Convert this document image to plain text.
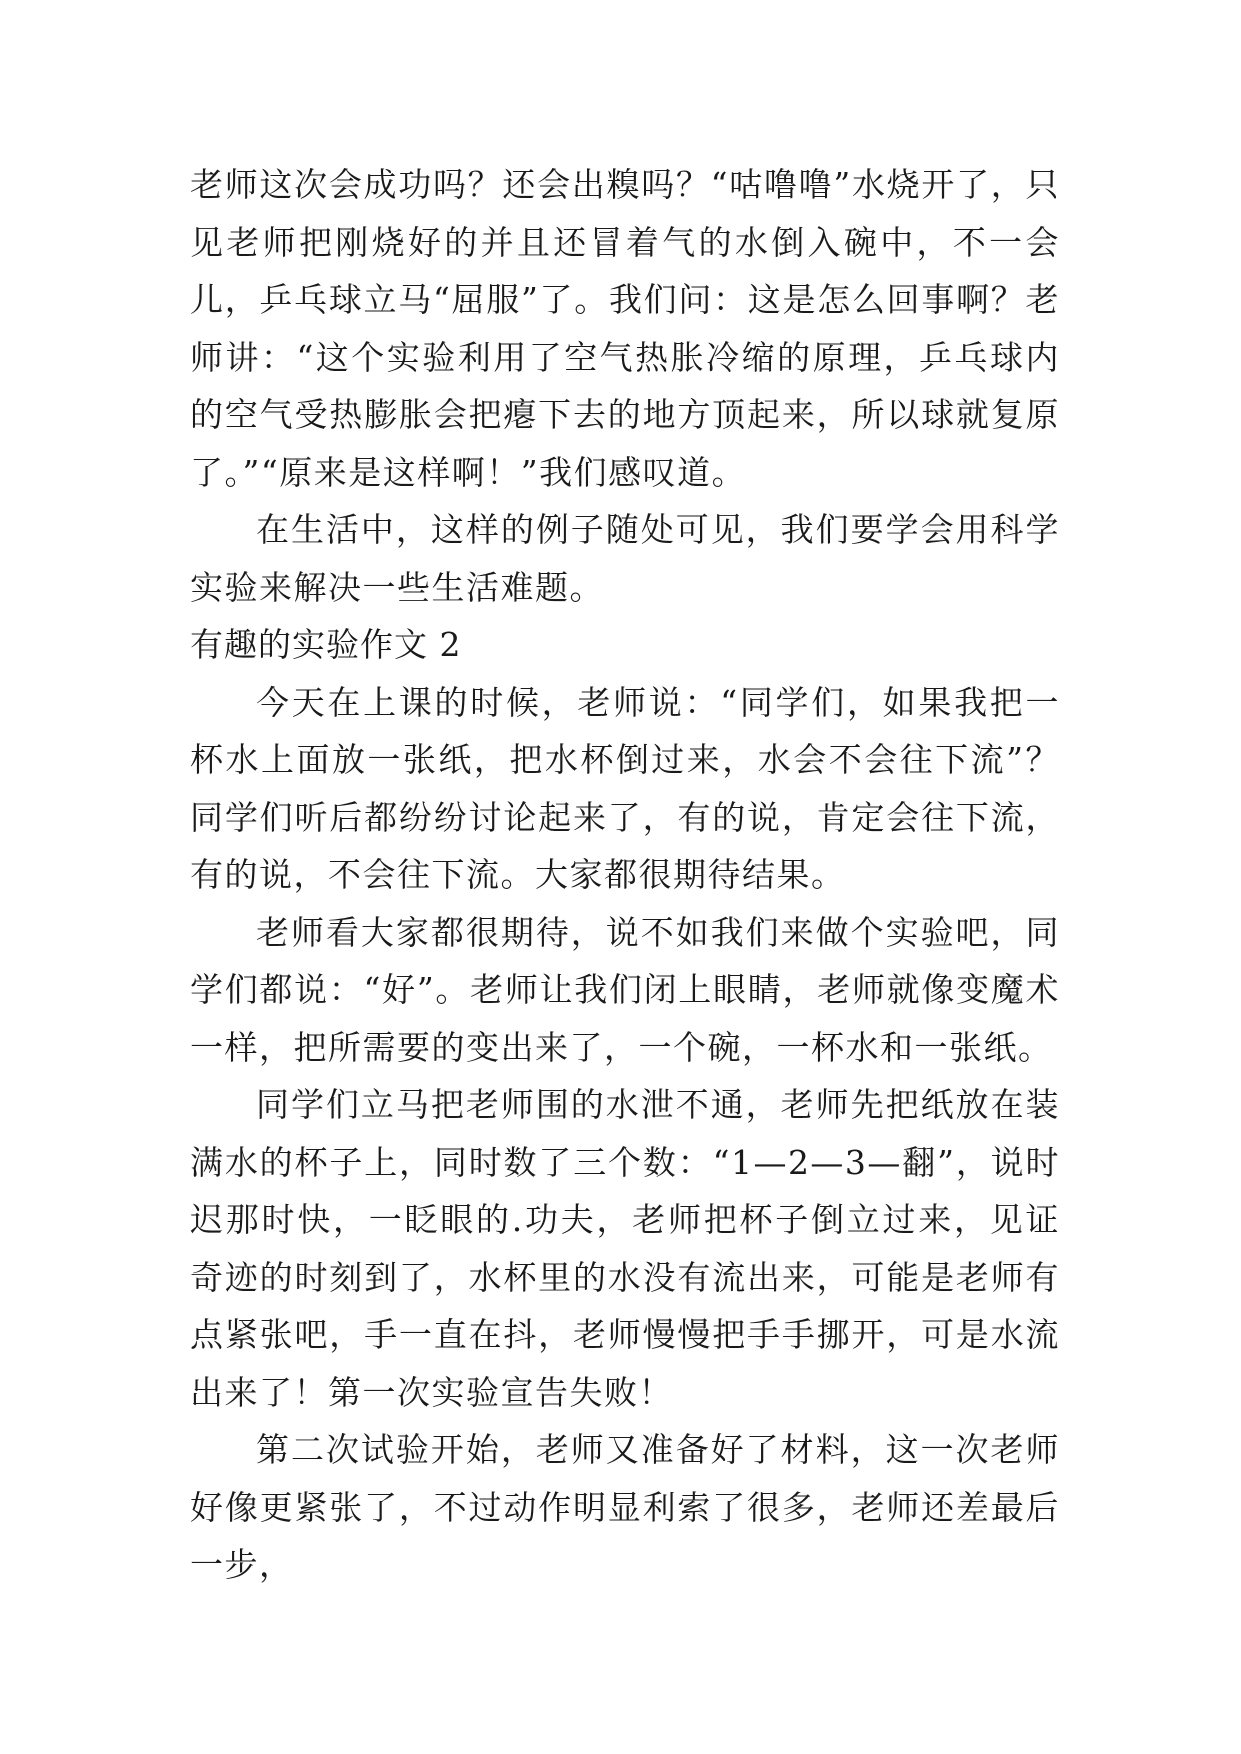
老师这次会成功吗？还会出糗吗？“咕噜噜”水烧开了，只见老师把刚烧好的并且还冒着气的水倒入碗中，不一会儿，乒乓球立马“屈服”了。我们问：这是怎么回事啊？老师讲：“这个实验利用了空气热胀冷缩的原理，乒乓球内的空气受热膨胀会把瘪下去的地方顶起来，所以球就复原了。”“原来是这样啊！”我们感叹道。

在生活中，这样的例子随处可见，我们要学会用科学实验来解决一些生活难题。

有趣的实验作文 2

今天在上课的时候，老师说：“同学们，如果我把一杯水上面放一张纸，把水杯倒过来，水会不会往下流”？同学们听后都纷纷讨论起来了，有的说，肯定会往下流，有的说，不会往下流。大家都很期待结果。

老师看大家都很期待，说不如我们来做个实验吧，同学们都说：“好”。老师让我们闭上眼睛，老师就像变魔术一样，把所需要的变出来了，一个碗，一杯水和一张纸。

同学们立马把老师围的水泄不通，老师先把纸放在装满水的杯子上，同时数了三个数：“1—2—3—翻”，说时迟那时快，一眨眼的.功夫，老师把杯子倒立过来，见证奇迹的时刻到了，水杯里的水没有流出来，可能是老师有点紧张吧，手一直在抖，老师慢慢把手手挪开，可是水流出来了！第一次实验宣告失败！

第二次试验开始，老师又准备好了材料，这一次老师好像更紧张了，不过动作明显利索了很多，老师还差最后一步，
